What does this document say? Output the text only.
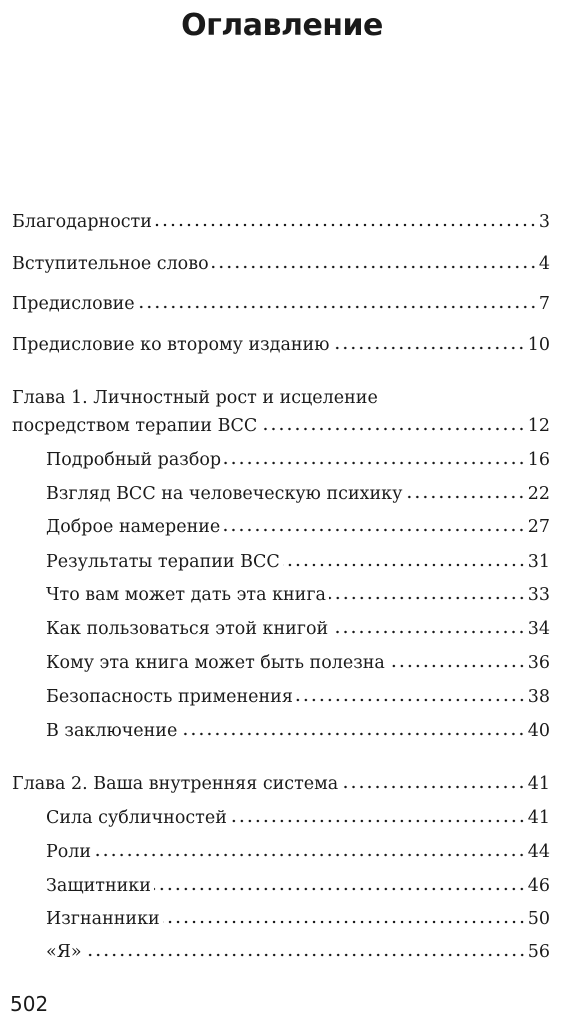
Оглавление
Благодарности	3
Вступительное слово	4
Предисловие	7
Предисловие ко второму изданию	10
Глава 1. Личностный рост и исцеление
посредством терапии ВСС	12
Подробный разбор	16
Взгляд ВСС на человеческую психику	22
Доброе намерение	27
Результаты терапии ВСС	31
Что вам может дать эта книга	33
Как пользоваться этой книгой	34
Кому эта книга может быть полезна	36
Безопасность применения	38
В заключение	40
Глава 2. Ваша внутренняя система	41
Сила субличностей	41
Роли	44
Защитники	46
Изгнанники	50
«Я»	56
502
